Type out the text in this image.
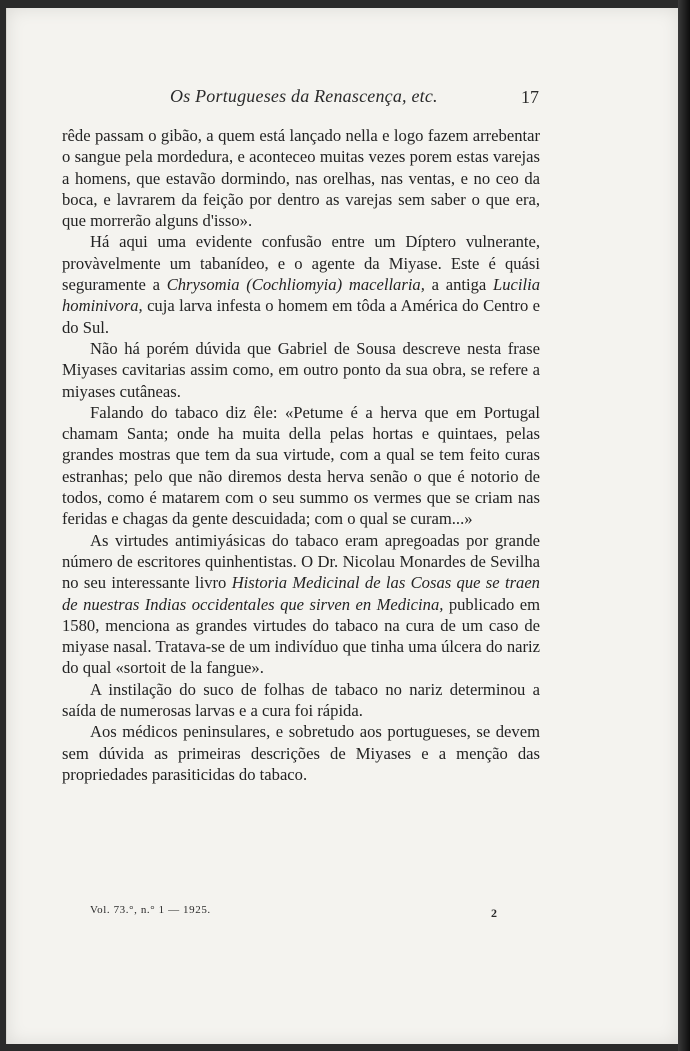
Os Portugueses da Renascença, etc.	17

rêde passam o gibão, a quem está lançado nella e logo fazem arrebentar o sangue pela mordedura, e aconteceo muitas vezes porem estas varejas a homens, que estavão dormindo, nas orelhas, nas ventas, e no ceo da boca, e lavrarem da feição por dentro as varejas sem saber o que era, que morrerão alguns d'isso».

Há aqui uma evidente confusão entre um Díptero vulnerante, provàvelmente um tabanídeo, e o agente da Miyase. Este é quási seguramente a Chrysomia (Cochliomyia) macellaria, a antiga Lucilia hominivora, cuja larva infesta o homem em tôda a América do Centro e do Sul.

Não há porém dúvida que Gabriel de Sousa descreve nesta frase Miyases cavitarias assim como, em outro ponto da sua obra, se refere a miyases cutâneas.

Falando do tabaco diz êle: «Petume é a herva que em Portugal chamam Santa; onde ha muita della pelas hortas e quintaes, pelas grandes mostras que tem da sua virtude, com a qual se tem feito curas estranhas; pelo que não diremos desta herva senão o que é notorio de todos, como é matarem com o seu summo os vermes que se criam nas feridas e chagas da gente descuidada; com o qual se curam...»

As virtudes antimiyásicas do tabaco eram apregoadas por grande número de escritores quinhentistas. O Dr. Nicolau Monardes de Sevilha no seu interessante livro Historia Medicinal de las Cosas que se traen de nuestras Indias occidentales que sirven en Medicina, publicado em 1580, menciona as grandes virtudes do tabaco na cura de um caso de miyase nasal. Tratava-se de um indivíduo que tinha uma úlcera do nariz do qual «sortoit de la fangue».

A instilação do suco de folhas de tabaco no nariz determinou a saída de numerosas larvas e a cura foi rápida.

Aos médicos peninsulares, e sobretudo aos portugueses, se devem sem dúvida as primeiras descrições de Miyases e a menção das propriedades parasiticidas do tabaco.

Vol. 73.°, n.° 1 — 1925.	2
